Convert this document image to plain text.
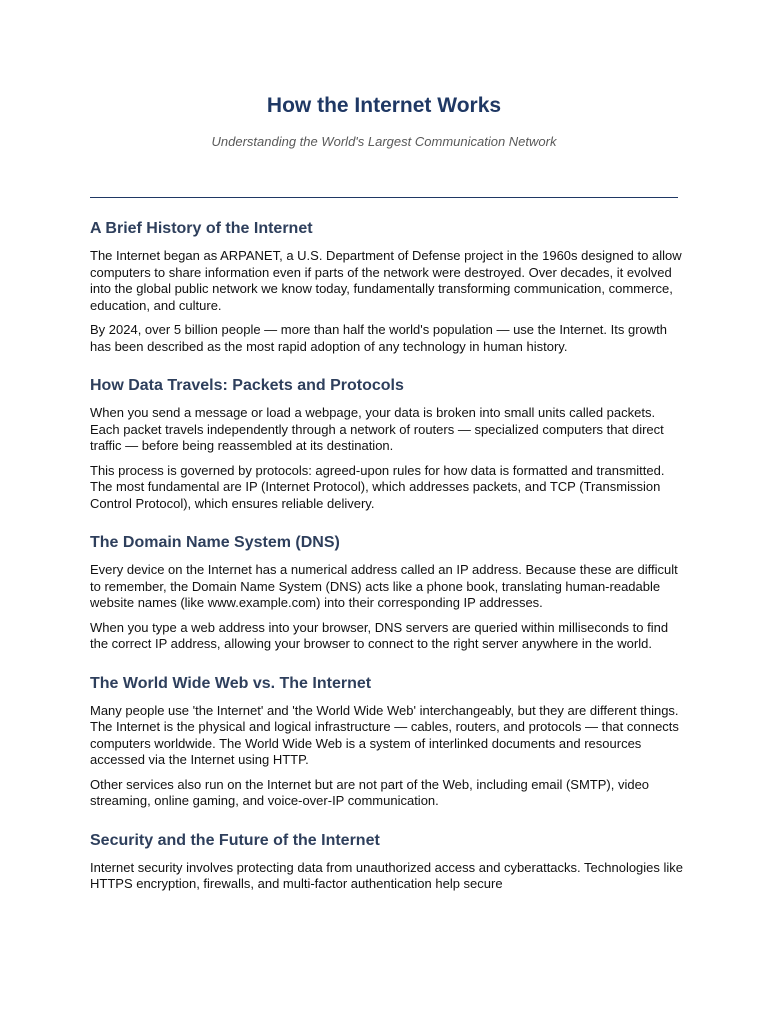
How the Internet Works
Understanding the World's Largest Communication Network
A Brief History of the Internet

The Internet began as ARPANET, a U.S. Department of Defense project in the 1960s designed to allow computers to share information even if parts of the network were destroyed. Over decades, it evolved into the global public network we know today, fundamentally transforming communication, commerce, education, and culture.

By 2024, over 5 billion people — more than half the world's population — use the Internet. Its growth has been described as the most rapid adoption of any technology in human history.

How Data Travels: Packets and Protocols

When you send a message or load a webpage, your data is broken into small units called packets. Each packet travels independently through a network of routers — specialized computers that direct traffic — before being reassembled at its destination.

This process is governed by protocols: agreed-upon rules for how data is formatted and transmitted. The most fundamental are IP (Internet Protocol), which addresses packets, and TCP (Transmission Control Protocol), which ensures reliable delivery.

The Domain Name System (DNS)

Every device on the Internet has a numerical address called an IP address. Because these are difficult to remember, the Domain Name System (DNS) acts like a phone book, translating human-readable website names (like www.example.com) into their corresponding IP addresses.

When you type a web address into your browser, DNS servers are queried within milliseconds to find the correct IP address, allowing your browser to connect to the right server anywhere in the world.

The World Wide Web vs. The Internet

Many people use 'the Internet' and 'the World Wide Web' interchangeably, but they are different things. The Internet is the physical and logical infrastructure — cables, routers, and protocols — that connects computers worldwide. The World Wide Web is a system of interlinked documents and resources accessed via the Internet using HTTP.

Other services also run on the Internet but are not part of the Web, including email (SMTP), video streaming, online gaming, and voice-over-IP communication.

Security and the Future of the Internet

Internet security involves protecting data from unauthorized access and cyberattacks. Technologies like HTTPS encryption, firewalls, and multi-factor authentication help secure
